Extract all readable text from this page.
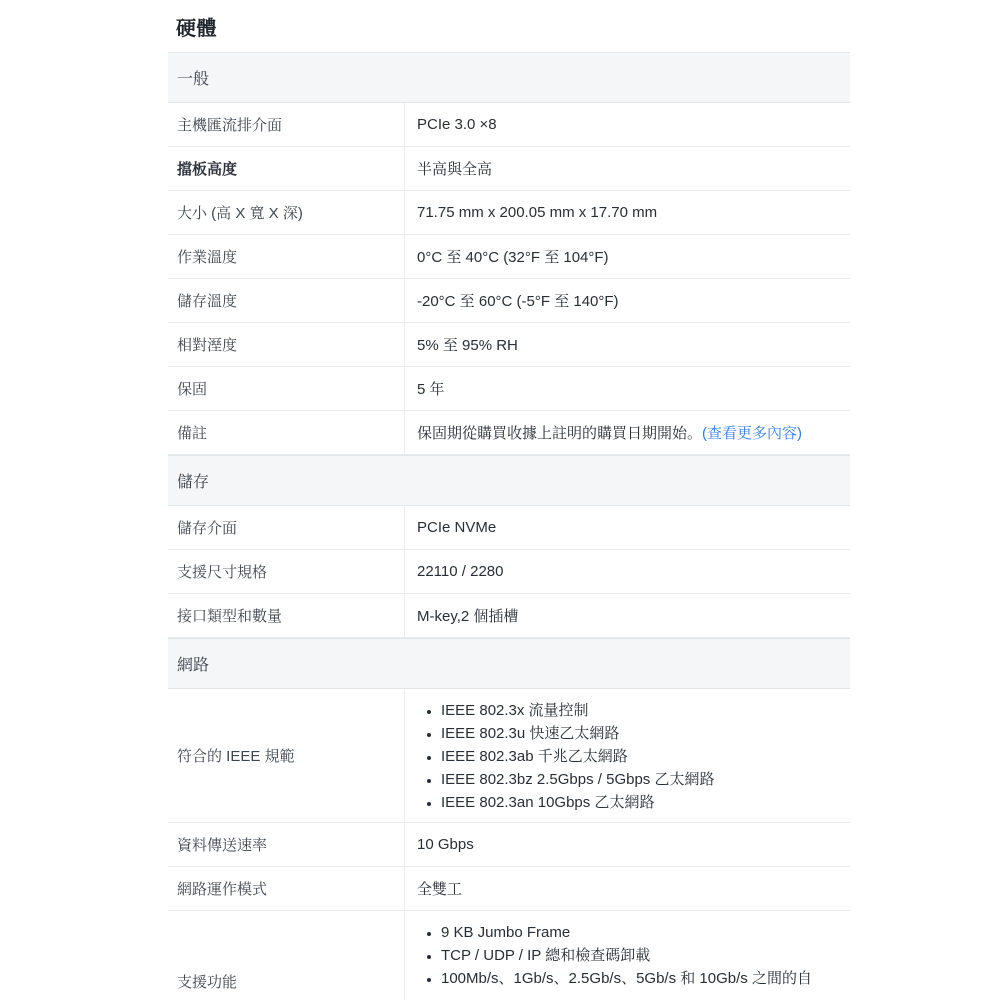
硬體
一般
主機匯流排介面	PCIe 3.0 ×8
擋板高度	半高與全高
大小 (高 X 寬 X 深)	71.75 mm x 200.05 mm x 17.70 mm
作業溫度	0°C 至 40°C (32°F 至 104°F)
儲存溫度	-20°C 至 60°C (-5°F 至 140°F)
相對溼度	5% 至 95% RH
保固	5 年
備註	保固期從購買收據上註明的購買日期開始。(查看更多內容)
儲存
儲存介面	PCIe NVMe
支援尺寸規格	22110 / 2280
接口類型和數量	M-key,2 個插槽
網路
符合的 IEEE 規範
• IEEE 802.3x 流量控制
• IEEE 802.3u 快速乙太網路
• IEEE 802.3ab 千兆乙太網路
• IEEE 802.3bz 2.5Gbps / 5Gbps 乙太網路
• IEEE 802.3an 10Gbps 乙太網路
資料傳送速率	10 Gbps
網路運作模式	全雙工
支援功能
• 9 KB Jumbo Frame
• TCP / UDP / IP 總和檢查碼卸載
• 100Mb/s、1Gb/s、2.5Gb/s、5Gb/s 和 10Gb/s 之間的自
